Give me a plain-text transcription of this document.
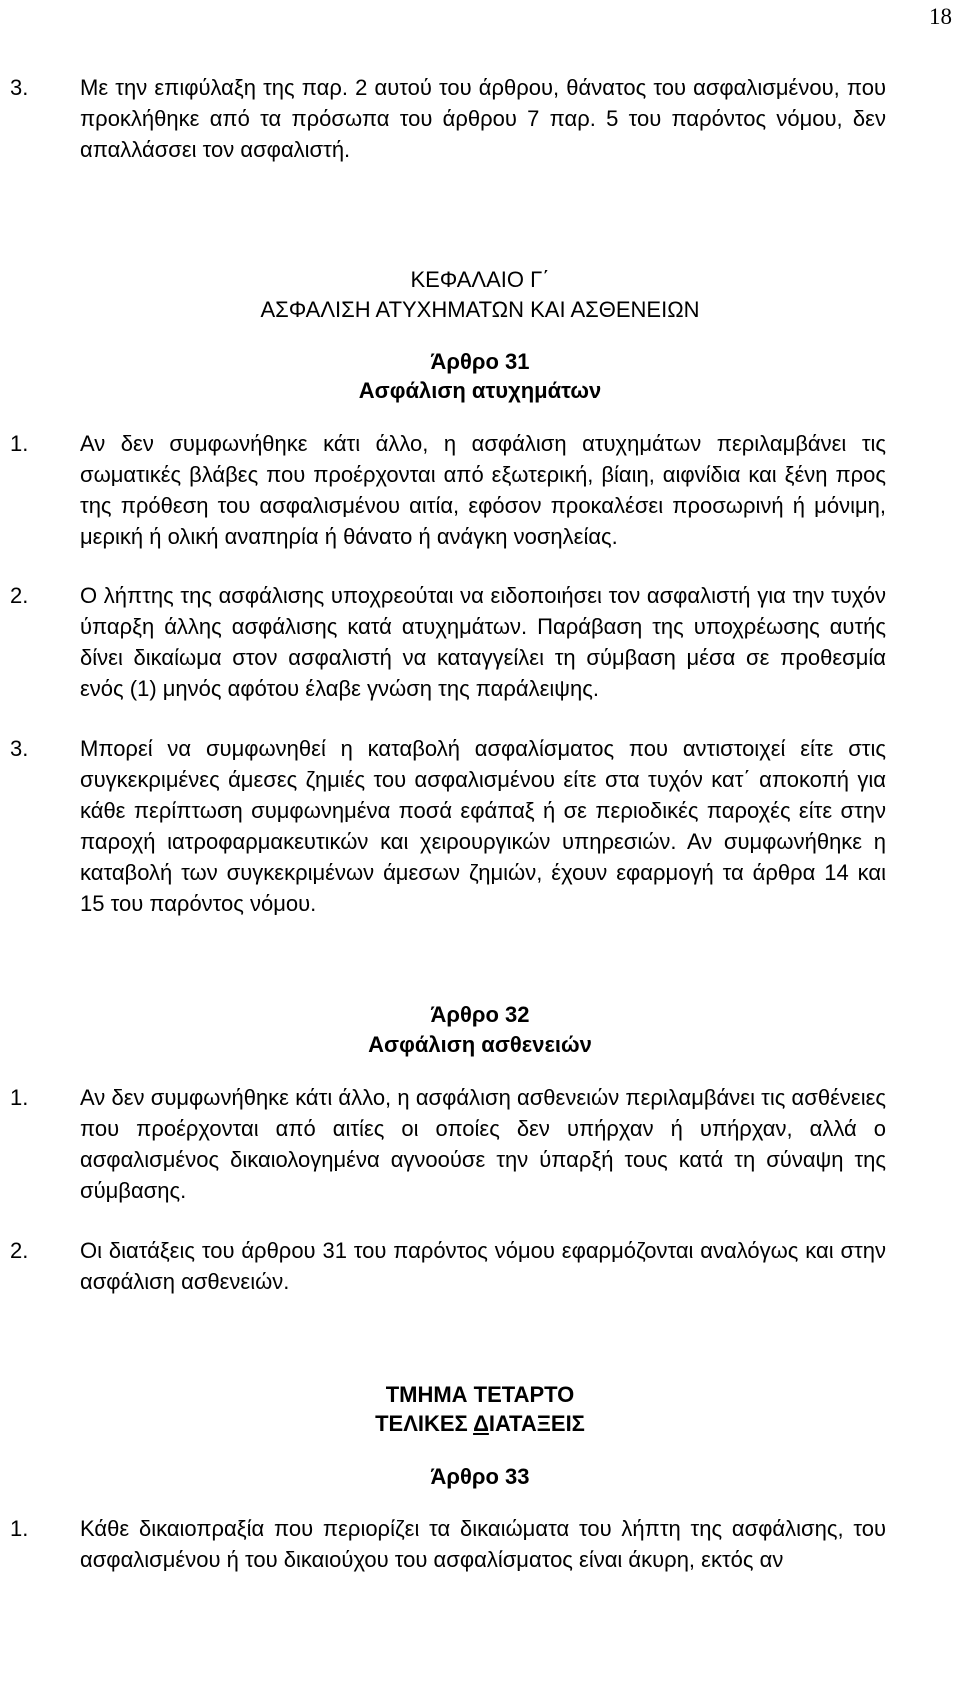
18
3. Με την επιφύλαξη της παρ. 2 αυτού του άρθρου, θάνατος του ασφαλισμένου, που προκλήθηκε από τα πρόσωπα του άρθρου 7 παρ. 5 του παρόντος νόμου, δεν απαλλάσσει τον ασφαλιστή.
ΚΕΦΑΛΑΙΟ Γ΄
ΑΣΦΑΛΙΣΗ ΑΤΥΧΗΜΑΤΩΝ ΚΑΙ ΑΣΘΕΝΕΙΩΝ
Άρθρο 31
Ασφάλιση ατυχημάτων
1. Αν δεν συμφωνήθηκε κάτι άλλο, η ασφάλιση ατυχημάτων περιλαμβάνει τις σωματικές βλάβες που προέρχονται από εξωτερική, βίαιη, αιφνίδια και ξένη προς της πρόθεση του ασφαλισμένου αιτία, εφόσον προκαλέσει προσωρινή ή μόνιμη, μερική ή ολική αναπηρία ή θάνατο ή ανάγκη νοσηλείας.
2. Ο λήπτης της ασφάλισης υποχρεούται να ειδοποιήσει τον ασφαλιστή για την τυχόν ύπαρξη άλλης ασφάλισης κατά ατυχημάτων. Παράβαση της υποχρέωσης αυτής δίνει δικαίωμα στον ασφαλιστή να καταγγείλει τη σύμβαση μέσα σε προθεσμία ενός (1) μηνός αφότου έλαβε γνώση της παράλειψης.
3. Μπορεί να συμφωνηθεί η καταβολή ασφαλίσματος που αντιστοιχεί είτε στις συγκεκριμένες άμεσες ζημιές του ασφαλισμένου είτε στα τυχόν κατ΄ αποκοπή για κάθε περίπτωση συμφωνημένα ποσά εφάπαξ ή σε περιοδικές παροχές είτε στην παροχή ιατροφαρμακευτικών και χειρουργικών υπηρεσιών. Αν συμφωνήθηκε η καταβολή των συγκεκριμένων άμεσων ζημιών, έχουν εφαρμογή τα άρθρα 14 και 15 του παρόντος νόμου.
Άρθρο 32
Ασφάλιση ασθενειών
1. Αν δεν συμφωνήθηκε κάτι άλλο, η ασφάλιση ασθενειών περιλαμβάνει τις ασθένειες που προέρχονται από αιτίες οι οποίες δεν υπήρχαν ή υπήρχαν, αλλά ο ασφαλισμένος δικαιολογημένα αγνοούσε την ύπαρξή τους κατά τη σύναψη της σύμβασης.
2. Οι διατάξεις του άρθρου 31 του παρόντος νόμου εφαρμόζονται αναλόγως και στην ασφάλιση ασθενειών.
ΤΜΗΜΑ ΤΕΤΑΡΤΟ
ΤΕΛΙΚΕΣ ΔΙΑΤΑΞΕΙΣ
Άρθρο 33
1. Κάθε δικαιοπραξία που περιορίζει τα δικαιώματα του λήπτη της ασφάλισης, του ασφαλισμένου ή του δικαιούχου του ασφαλίσματος είναι άκυρη, εκτός αν
